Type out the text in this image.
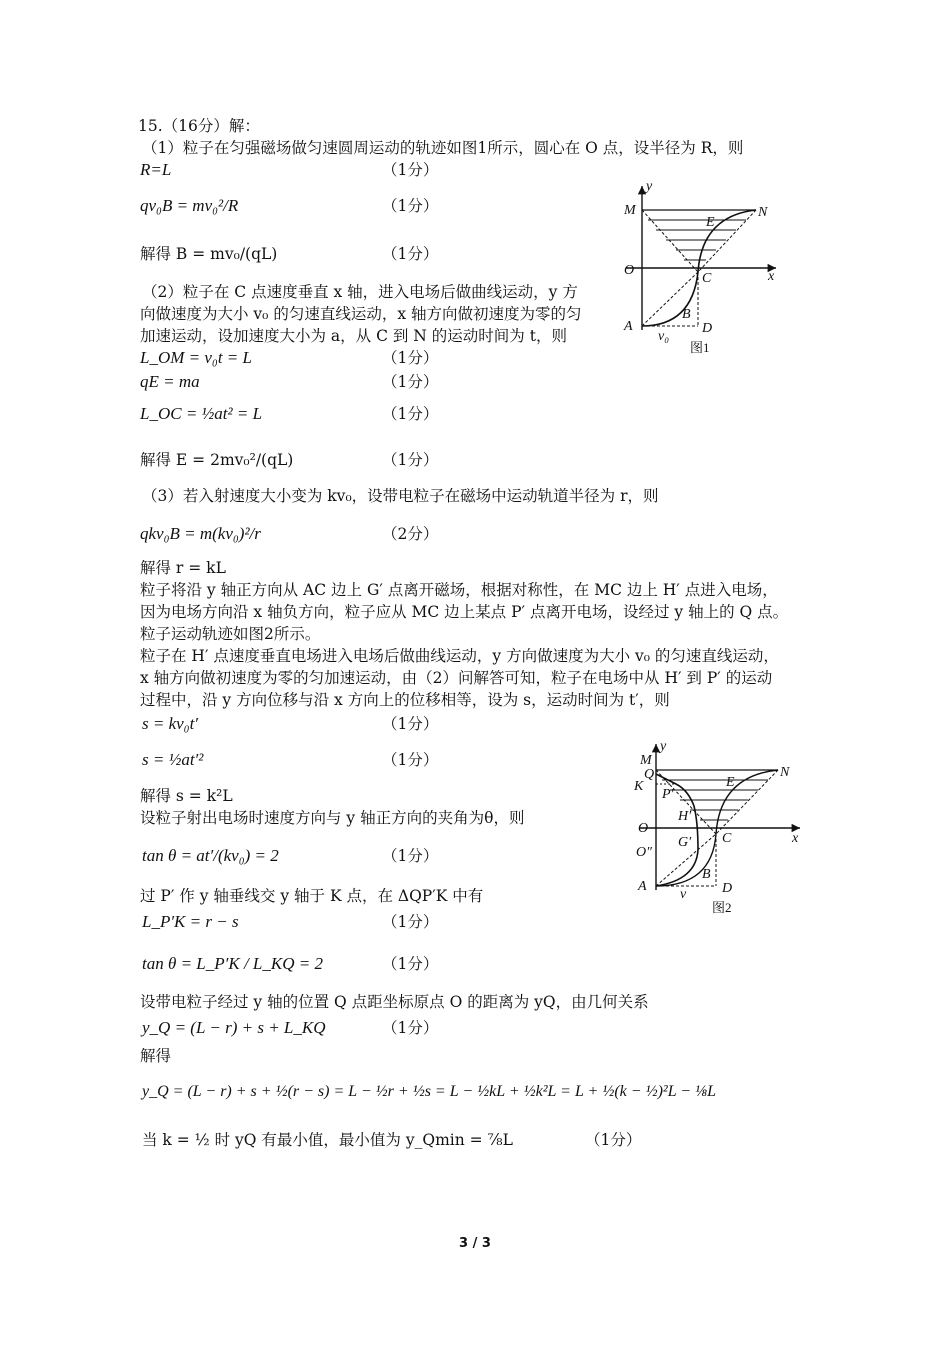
15.（16分）解：
（1）粒子在匀强磁场做匀速圆周运动的轨迹如图1所示，圆心在 O 点，设半径为 R，则
R=L	（1分）
qv₀B = mv₀²/R	（1分）
解得 B = mv₀/(qL)	（1分）
（2）粒子在 C 点速度垂直 x 轴，进入电场后做曲线运动，y 方
向做速度为大小 v₀ 的匀速直线运动，x 轴方向做初速度为零的匀
加速运动，设加速度大小为 a，从 C 到 N 的运动时间为 t，则
L_OM = v₀t = L	（1分）
qE = ma	（1分）
L_OC = ½at² = L	（1分）
解得 E = 2mv₀²/(qL)	（1分）
（3）若入射速度大小变为 kv₀，设带电粒子在磁场中运动轨道半径为 r，则
qkv₀B = m(kv₀)²/r	（2分）
解得 r = kL
粒子将沿 y 轴正方向从 AC 边上 G′ 点离开磁场，根据对称性，在 MC 边上 H′ 点进入电场，
因为电场方向沿 x 轴负方向，粒子应从 MC 边上某点 P′ 点离开电场，设经过 y 轴上的 Q 点。
粒子运动轨迹如图2所示。
粒子在 H′ 点速度垂直电场进入电场后做曲线运动，y 方向做速度为大小 v₀ 的匀速直线运动，
x 轴方向做初速度为零的匀加速运动，由（2）问解答可知，粒子在电场中从 H′ 到 P′ 的运动
过程中，沿 y 方向位移与沿 x 方向上的位移相等，设为 s，运动时间为 t′，则
s = kv₀t′	（1分）
s = ½at′²	（1分）
解得 s = k²L
设粒子射出电场时速度方向与 y 轴正方向的夹角为θ，则
tan θ = at′/(kv₀) = 2	（1分）
过 P′ 作 y 轴垂线交 y 轴于 K 点，在 ΔQP′K 中有
L_P′K = r − s	（1分）
tan θ = L_P′K / L_KQ = 2	（1分）
设带电粒子经过 y 轴的位置 Q 点距坐标原点 O 的距离为 yQ，由几何关系
y_Q = (L − r) + s + L_KQ	（1分）
解得
y_Q = (L − r) + s + ½(r − s) = L − ½r + ½s = L − ½kL + ½k²L = L + ½(k − ½)²L − ⅛L
当 k = ½ 时 yQ 有最小值，最小值为 y_Qmin = ⅞L	（1分）
M	N
y
x
O
C
A	D
E
B
v₀
图1
M
Q
K
P′
H′
G′
y
x
O
O″
C
A	D
E
B
N
v
图2
3 / 3
